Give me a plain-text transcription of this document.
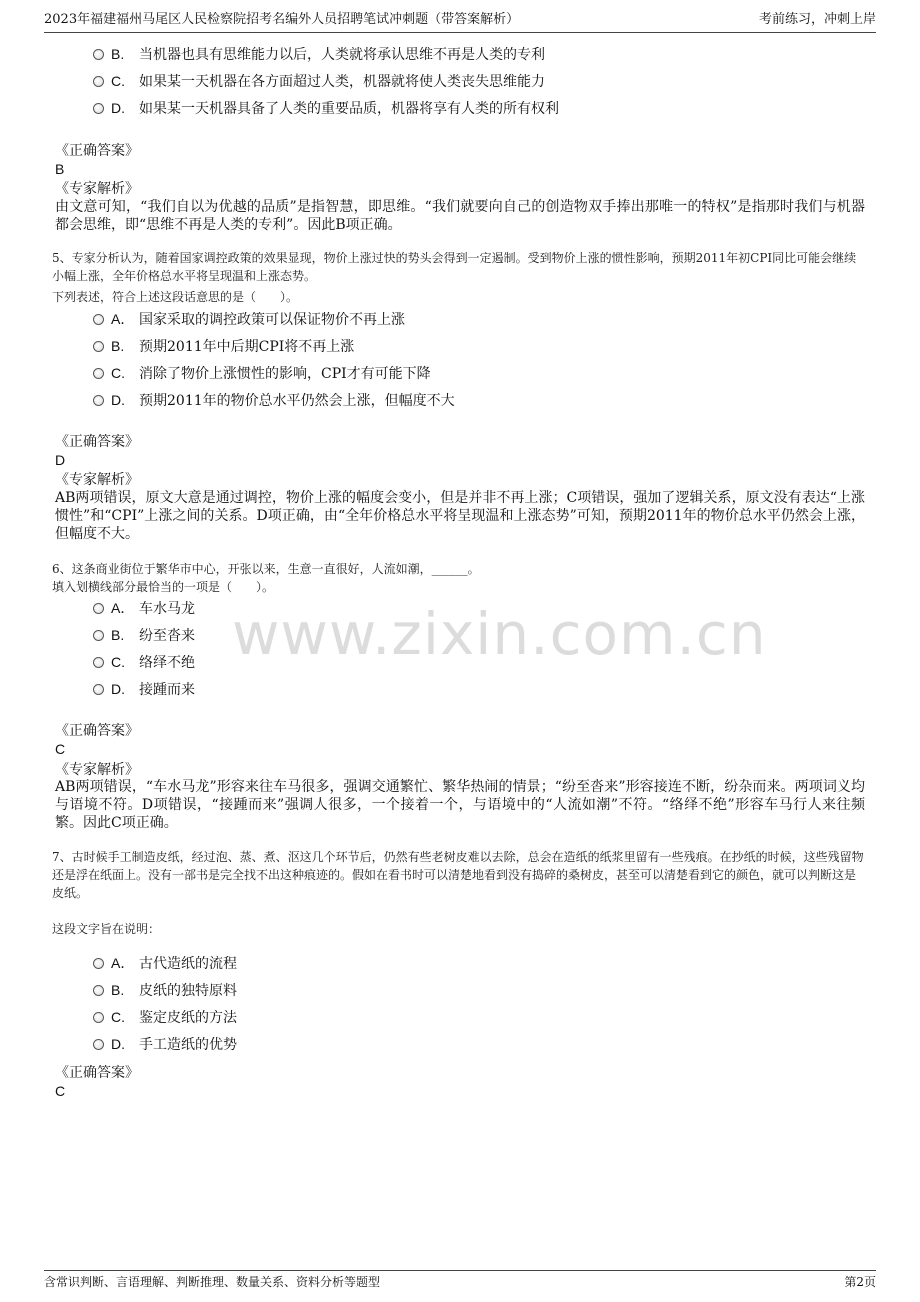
2023年福建福州马尾区人民检察院招考名编外人员招聘笔试冲刺题（带答案解析）	考前练习，冲刺上岸
www.zixin.com.cn
B. 当机器也具有思维能力以后，人类就将承认思维不再是人类的专利
C. 如果某一天机器在各方面超过人类，机器就将使人类丧失思维能力
D. 如果某一天机器具备了人类的重要品质，机器将享有人类的所有权利
《正确答案》
B
《专家解析》
由文意可知，“我们自以为优越的品质”是指智慧，即思维。“我们就要向自己的创造物双手捧出那唯一的特权”是指那时我们与机器都会思维，即“思维不再是人类的专利”。因此B项正确。
5、专家分析认为，随着国家调控政策的效果显现，物价上涨过快的势头会得到一定遏制。受到物价上涨的惯性影响，预期2011年初CPI同比可能会继续小幅上涨，全年价格总水平将呈现温和上涨态势。
下列表述，符合上述这段话意思的是（　　）。
A． 国家采取的调控政策可以保证物价不再上涨
B. 预期2011年中后期CPI将不再上涨
C. 消除了物价上涨惯性的影响，CPI才有可能下降
D. 预期2011年的物价总水平仍然会上涨，但幅度不大
《正确答案》
D
《专家解析》
AB两项错误，原文大意是通过调控，物价上涨的幅度会变小，但是并非不再上涨；C项错误，强加了逻辑关系，原文没有表达“上涨惯性”和“CPI”上涨之间的关系。D项正确，由“全年价格总水平将呈现温和上涨态势”可知，预期2011年的物价总水平仍然会上涨，但幅度不大。
6、这条商业街位于繁华市中心，开张以来，生意一直很好，人流如潮，______。
填入划横线部分最恰当的一项是（　　）。
A． 车水马龙
B. 纷至沓来
C. 络绎不绝
D. 接踵而来
《正确答案》
C
《专家解析》
AB两项错误，“车水马龙”形容来往车马很多，强调交通繁忙、繁华热闹的情景；“纷至沓来”形容接连不断，纷杂而来。两项词义均与语境不符。D项错误，“接踵而来”强调人很多，一个接着一个，与语境中的“人流如潮”不符。“络绎不绝”形容车马行人来往频繁。因此C项正确。
7、古时候手工制造皮纸，经过泡、蒸、煮、沤这几个环节后，仍然有些老树皮难以去除，总会在造纸的纸浆里留有一些残痕。在抄纸的时候，这些残留物还是浮在纸面上。没有一部书是完全找不出这种痕迹的。假如在看书时可以清楚地看到没有捣碎的桑树皮，甚至可以清楚看到它的颜色，就可以判断这是皮纸。
这段文字旨在说明：
A． 古代造纸的流程
B. 皮纸的独特原料
C. 鉴定皮纸的方法
D. 手工造纸的优势
《正确答案》
C
含常识判断、言语理解、判断推理、数量关系、资料分析等题型	第2页
